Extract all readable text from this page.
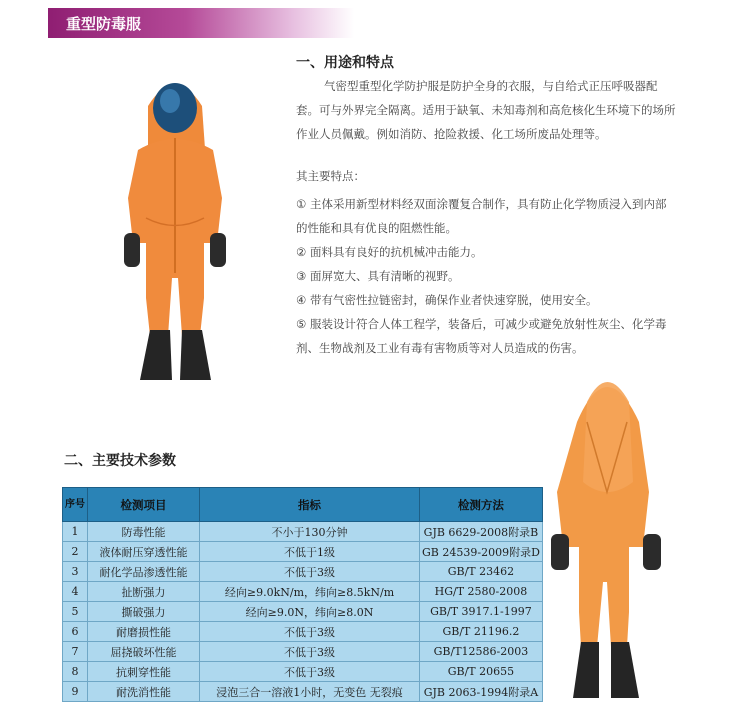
重型防毒服
一、用途和特点
气密型重型化学防护服是防护全身的衣服，与自给式正压呼吸器配套。可与外界完全隔离。适用于缺氧、未知毒剂和高危核化生环境下的场所作业人员佩戴。例如消防、抢险救援、化工场所废品处理等。
其主要特点：
① 主体采用新型材料经双面涂覆复合制作，具有防止化学物质浸入到内部的性能和具有优良的阻燃性能。
② 面料具有良好的抗机械冲击能力。
③ 面屏宽大、具有清晰的视野。
④ 带有气密性拉链密封，确保作业者快速穿脱，使用安全。
⑤ 服装设计符合人体工程学，装备后，可减少或避免放射性灰尘、化学毒剂、生物战剂及工业有毒有害物质等对人员造成的伤害。
二、主要技术参数
序号	检测项目	指标	检测方法
1	防毒性能	不小于130分钟	GJB 6629-2008附录B
2	液体耐压穿透性能	不低于1级	GB 24539-2009附录D
3	耐化学品渗透性能	不低于3级	GB/T 23462
4	扯断强力	经向≥9.0kN/m，纬向≥8.5kN/m	HG/T 2580-2008
5	撕破强力	经向≥9.0N，纬向≥8.0N	GB/T 3917.1-1997
6	耐磨损性能	不低于3级	GB/T 21196.2
7	屈挠破坏性能	不低于3级	GB/T12586-2003
8	抗刺穿性能	不低于3级	GB/T 20655
9	耐洗消性能	浸泡三合一溶液1小时，无变色 无裂痕	GJB 2063-1994附录A
